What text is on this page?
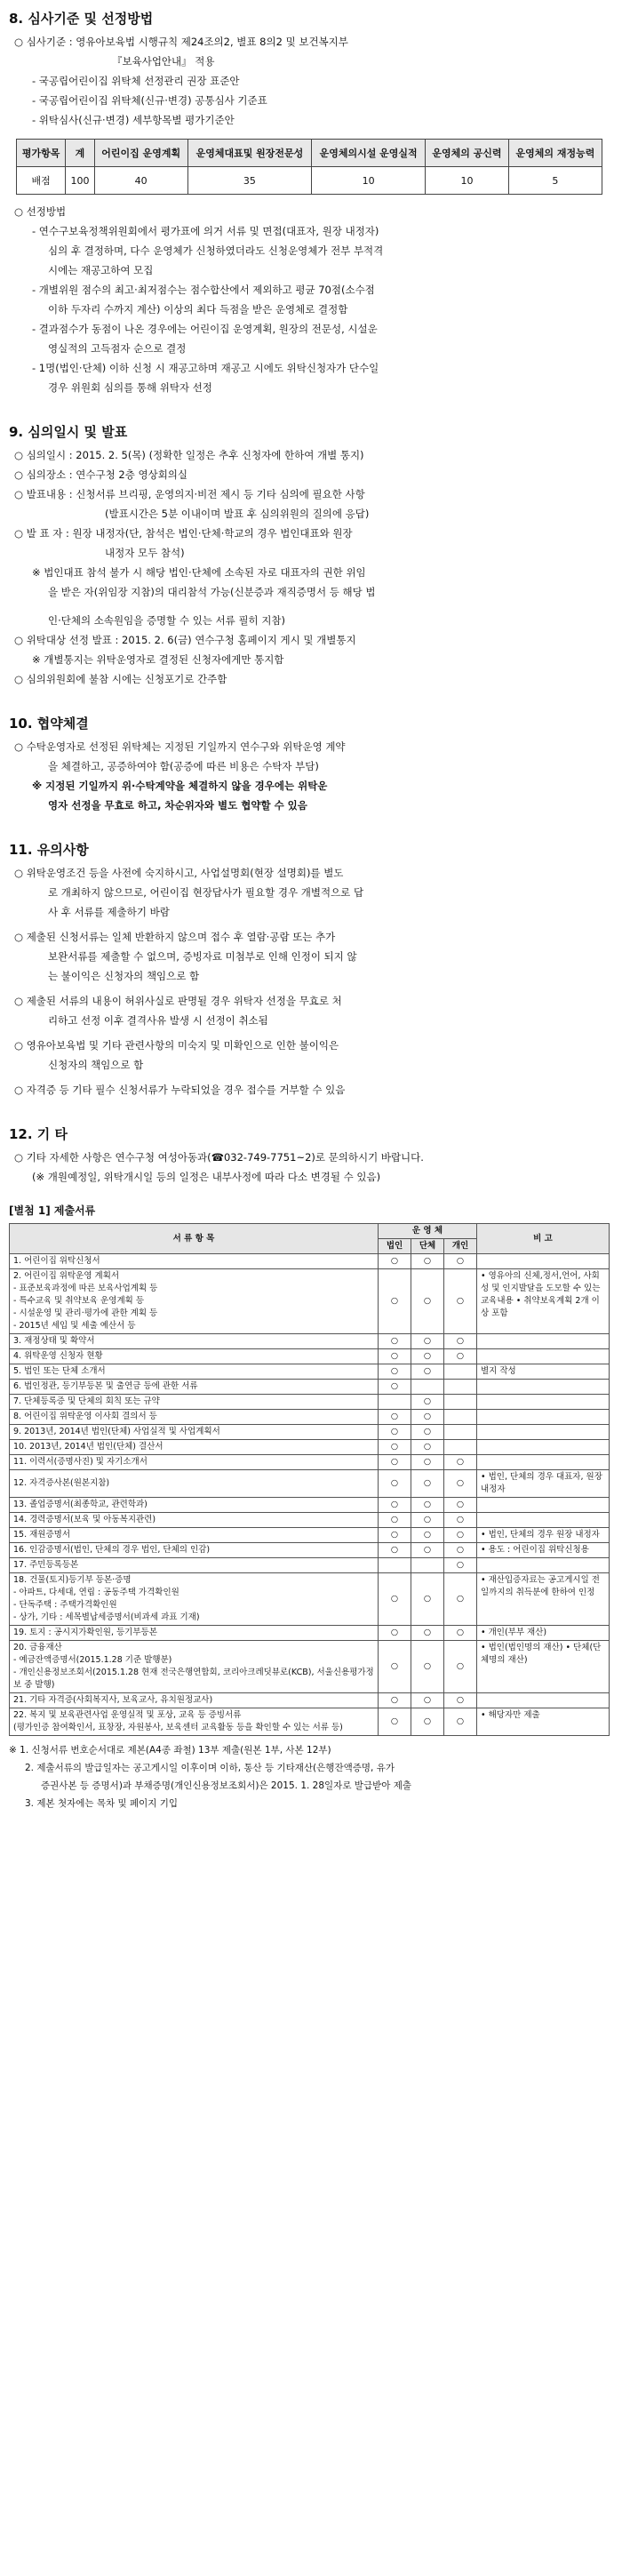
8. 심사기준 및 선정방법
○ 심사기준 : 영유아보육법 시행규칙 제24조의2, 별표 8의2 및 보건복지부
『보육사업안내』 적용
- 국공립어린이집 위탁체 선정관리 권장 표준안
- 국공립어린이집 위탁체(신규·변경) 공통심사 기준표
- 위탁심사(신규·변경) 세부항목별 평가기준안
평가항목	계	어린이집 운영계획	운영체대표및 원장전문성	운영체의시설 운영실적	운영체의 공신력	운영체의 재정능력
배점	100	40	35	10	10	5
○ 선정방법
- 연수구보육정책위원회에서 평가표에 의거 서류 및 면접(대표자, 원장 내정자)
심의 후 결정하며, 다수 운영체가 신청하였더라도 신청운영체가 전부 부적격
시에는 재공고하여 모집
- 개별위원 점수의 최고·최저점수는 점수합산에서 제외하고 평균 70점(소수점
이하 두자리 수까지 계산) 이상의 최다 득점을 받은 운영체로 결정함
- 결과점수가 동점이 나온 경우에는 어린이집 운영계획, 원장의 전문성, 시설운
영실적의 고득점자 순으로 결정
- 1명(법인·단체) 이하 신청 시 재공고하며 재공고 시에도 위탁신청자가 단수일
경우 위원회 심의를 통해 위탁자 선정
9. 심의일시 및 발표
○ 심의일시 : 2015. 2. 5(목) (정확한 일정은 추후 신청자에 한하여 개별 통지)
○ 심의장소 : 연수구청 2층 영상회의실
○ 발표내용 : 신청서류 브리핑, 운영의지·비전 제시 등 기타 심의에 필요한 사항
(발표시간은 5분 이내이며 발표 후 심의위원의 질의에 응답)
○ 발 표 자 : 원장 내정자(단, 참석은 법인·단체·학교의 경우 법인대표와 원장
내정자 모두 참석)
※ 법인대표 참석 불가 시 해당 법인·단체에 소속된 자로 대표자의 권한 위임
을 받은 자(위임장 지참)의 대리참석 가능(신분증과 재직증명서 등 해당 법
인·단체의 소속원임을 증명할 수 있는 서류 필히 지참)
○ 위탁대상 선정 발표 : 2015. 2. 6(금) 연수구청 홈페이지 게시 및 개별통지
※ 개별통지는 위탁운영자로 결정된 신청자에게만 통지함
○ 심의위원회에 불참 시에는 신청포기로 간주함
10. 협약체결
○ 수탁운영자로 선정된 위탁체는 지정된 기일까지 연수구와 위탁운영 계약
을 체결하고, 공증하여야 함(공증에 따른 비용은 수탁자 부담)
※ 지정된 기일까지 위·수탁계약을 체결하지 않을 경우에는 위탁운
영자 선정을 무효로 하고, 차순위자와 별도 협약할 수 있음
11. 유의사항
○ 위탁운영조건 등을 사전에 숙지하시고, 사업설명회(현장 설명회)를 별도
로 개최하지 않으므로, 어린이집 현장답사가 필요할 경우 개별적으로 답
사 후 서류를 제출하기 바람
○ 제출된 신청서류는 일체 반환하지 않으며 접수 후 열람·공람 또는 추가
보완서류를 제출할 수 없으며, 증빙자료 미첨부로 인해 인정이 되지 않
는 불이익은 신청자의 책임으로 함
○ 제출된 서류의 내용이 허위사실로 판명될 경우 위탁자 선정을 무효로 처
리하고 선정 이후 결격사유 발생 시 선정이 취소됨
○ 영유아보육법 및 기타 관련사항의 미숙지 및 미확인으로 인한 불이익은
신청자의 책임으로 함
○ 자격증 등 기타 필수 신청서류가 누락되었을 경우 접수를 거부할 수 있음
12. 기 타
○ 기타 자세한 사항은 연수구청 여성아동과(☎032-749-7751~2)로 문의하시기 바랍니다.
(※ 개원예정일, 위탁개시일 등의 일정은 내부사정에 따라 다소 변경될 수 있음)
[별첨 1] 제출서류
서 류 항 목	운 영 체			비 고
	법인	단체	개인	
1. 어린이집 위탁신청서	○	○	○	
2. 어린이집 위탁운영 계획서
- 표준보육과정에 따른 보육사업계획 등
- 특수교육 및 취약보육 운영계획 등
- 시설운영 및 관리·평가에 관한 계획 등
- 2015년 세입 및 세출 예산서 등	○	○	○	• 영유아의 신체,정서,언어, 사회성 및 인지발달을 도모할 수 있는 교육내용 • 취약보육계획 2개 이상 포함
3. 재정상태 및 확약서	○	○	○	
4. 위탁운영 신청자 현황	○	○	○	
5. 법인 또는 단체 소개서	○	○		별지 작성
6. 법인정관, 등기부등본 및 출연금 등에 관한 서류	○			
7. 단체등록증 및 단체의 회칙 또는 규약		○		
8. 어린이집 위탁운영 이사회 결의서 등	○	○		
9. 2013년, 2014년 법인(단체) 사업실적 및 사업계획서	○	○		
10. 2013년, 2014년 법인(단체) 결산서	○	○		
11. 이력서(증명사진) 및 자기소개서	○	○	○	
12. 자격증사본(원본지참)	○	○	○	• 법인, 단체의 경우 대표자, 원장 내정자
13. 졸업증명서(최종학교, 관련학과)	○	○	○	
14. 경력증명서(보육 및 아동복지관련)	○	○	○	
15. 재원증명서	○	○	○	• 법인, 단체의 경우 원장 내정자
16. 인감증명서(법인, 단체의 경우 법인, 단체의 인감)	○	○	○	• 용도 : 어린이집 위탁신청용
17. 주민등록등본			○	
18. 건물(토지)등기부 등본·증명
- 아파트, 다세대, 연립 : 공동주택 가격확인원
- 단독주택 : 주택가격확인원
- 상가, 기타 : 세목별납세증명서(비과세 과표 기재)	○	○	○	• 재산입증자료는 공고게시일 전일까지의 취득분에 한하여 인정
19. 토지 : 공시지가확인원, 등기부등본	○	○	○	• 개인(부부 재산)
20. 금융재산
- 예금잔액증명서(2015.1.28 기준 발행분)
- 개인신용정보조회서(2015.1.28 현재 전국은행연합회, 코리아크레딧뷰로(KCB), 서울신용평가정보 중 발행)	○	○	○	• 법인(법인명의 재산) • 단체(단체명의 재산)
21. 기타 자격증(사회복지사, 보육교사, 유치원정교사)	○	○	○	
22. 복지 및 보육관련사업 운영실적 및 포상, 교육 등 증빙서류
(평가인증 참여확인서, 표창장, 자원봉사, 보육센터 교육활동 등을 확인할 수 있는 서류 등)	○	○	○	• 해당자만 제출
※ 1. 신청서류 번호순서대로 제본(A4종 좌철) 13부 제출(원본 1부, 사본 12부)
2. 제출서류의 발급일자는 공고게시일 이후이며 이하, 통산 등 기타재산(은행잔액증명, 유가
증권사본 등 증명서)과 부채증명(개인신용정보조회서)은 2015. 1. 28일자로 발급받아 제출
3. 제본 첫자에는 목차 및 페이지 기입
